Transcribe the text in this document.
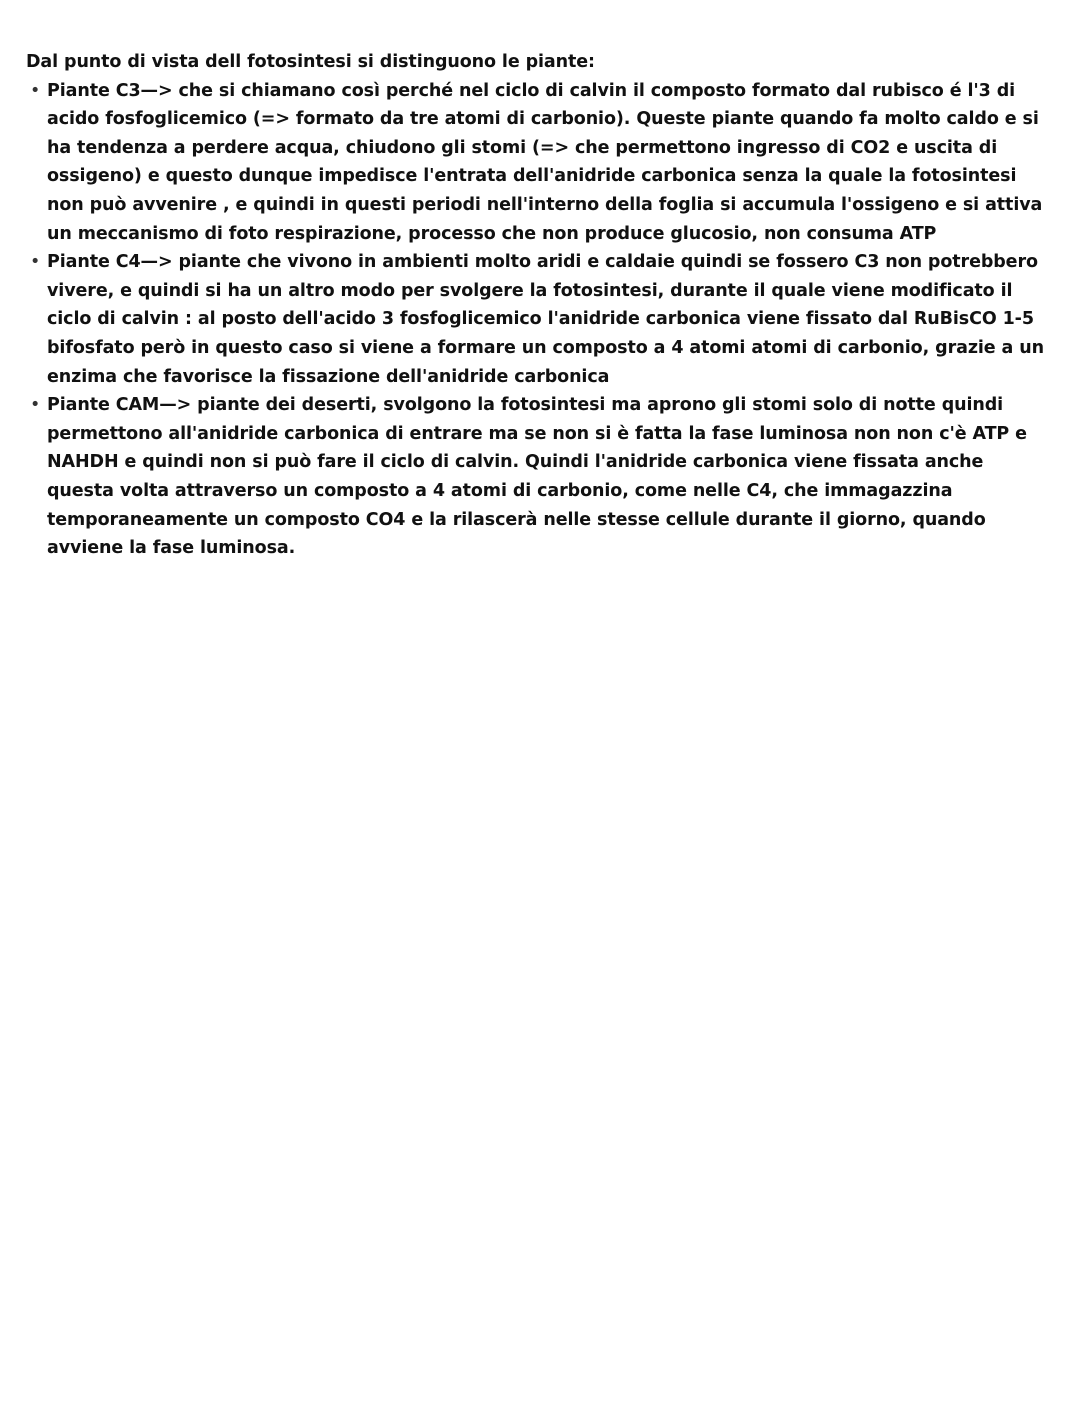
Dal punto di vista dell fotosintesi si distinguono le piante:

• Piante C3—> che si chiamano così perché nel ciclo di calvin il composto formato dal rubisco é l'3 di acido fosfoglicemico (=> formato da tre atomi di carbonio). Queste piante quando fa molto caldo e si ha tendenza a perdere acqua, chiudono gli stomi (=> che permettono ingresso di CO2 e uscita di ossigeno) e questo dunque impedisce l'entrata dell'anidride carbonica senza la quale la fotosintesi non può avvenire , e quindi in questi periodi nell'interno della foglia si accumula l'ossigeno e si attiva un meccanismo di foto respirazione, processo che non produce glucosio, non consuma ATP
• Piante C4—> piante che vivono in ambienti molto aridi e caldaie quindi se fossero C3 non potrebbero vivere, e quindi si ha un altro modo per svolgere la fotosintesi, durante il quale viene modificato il ciclo di calvin : al posto dell'acido 3 fosfoglicemico l'anidride carbonica viene fissato dal RuBisCO 1-5 bifosfato però in questo caso si viene a formare un composto a 4 atomi atomi di carbonio, grazie a un enzima che favorisce la fissazione dell'anidride carbonica
• Piante CAM—> piante dei deserti, svolgono la fotosintesi ma aprono gli stomi solo di notte quindi permettono all'anidride carbonica di entrare ma se non si è fatta la fase luminosa non non c'è ATP e NAHDH e quindi non si può fare il ciclo di calvin. Quindi l'anidride carbonica viene fissata anche questa volta attraverso un composto a 4 atomi di carbonio, come nelle C4, che immagazzina temporaneamente un composto CO4 e la rilascerà nelle stesse cellule durante il giorno, quando avviene la fase luminosa.
